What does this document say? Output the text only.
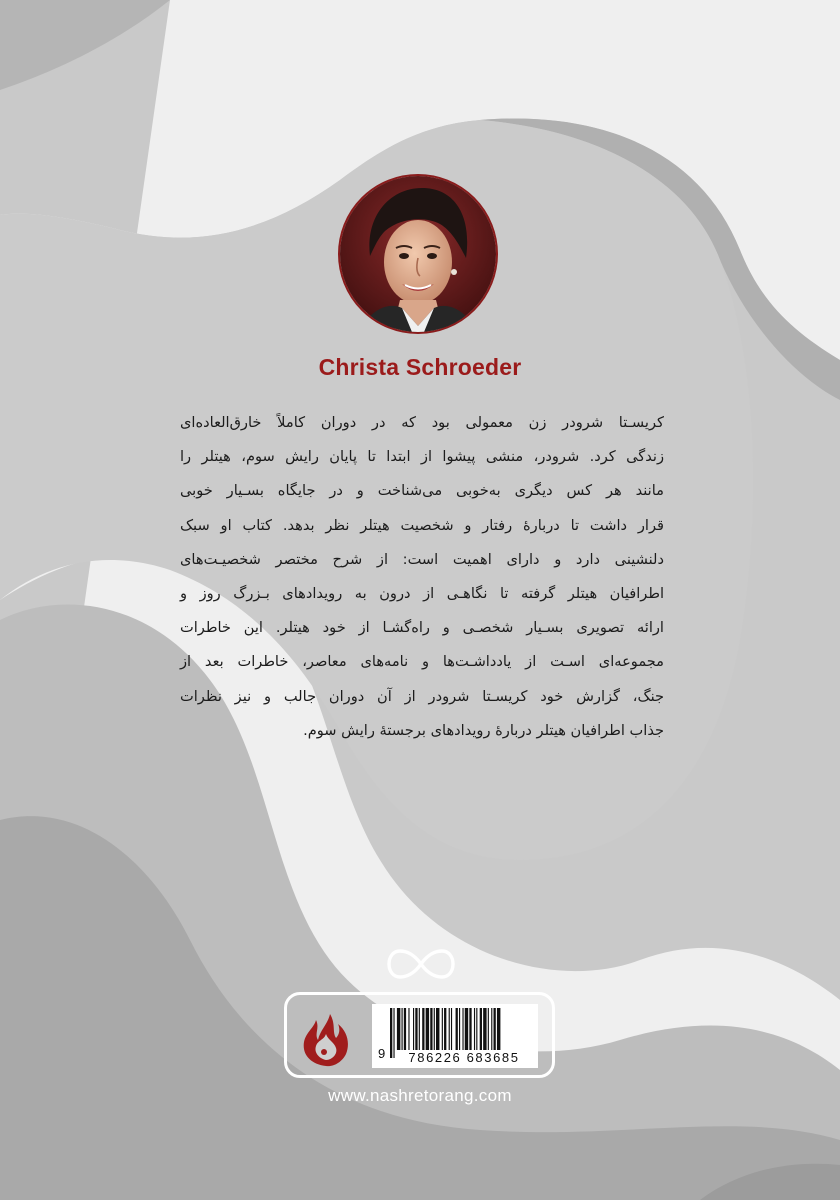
Christa Schroeder
کریسـتا شرودر زن معمولی بود که در دوران کاملاً خارق‌العاده‌ای
زندگی کرد. شرودر، منشی پیشوا از ابتدا تا پایان رایش سوم، هیتلر را
مانند هر کس دیگری به‌خوبی می‌شناخت و در جایگاه بسـیار خوبی
قرار داشت تا دربارهٔ رفتار و شخصیت هیتلر نظر بدهد. کتاب او سبک
دلنشینی دارد و دارای اهمیت است: از شرح مختصر شخصیـت‌های
اطرافیان هیتلر گرفته تا نگاهـی از درون به رویدادهای بـزرگ روز و
ارائه تصویری بسـیار شخصـی و راه‌گشـا از خود هیتلر. این خاطرات
مجموعه‌ای اسـت از یادداشـت‌ها و نامه‌های معاصر، خاطرات بعد از
جنگ، گزارش خود کریسـتا شرودر از آن دوران جالب و نیز نظرات
جذاب اطرافیان هیتلر دربارهٔ رویدادهای برجستهٔ رایش سوم.
9	786226 683685
www.nashretorang.com
